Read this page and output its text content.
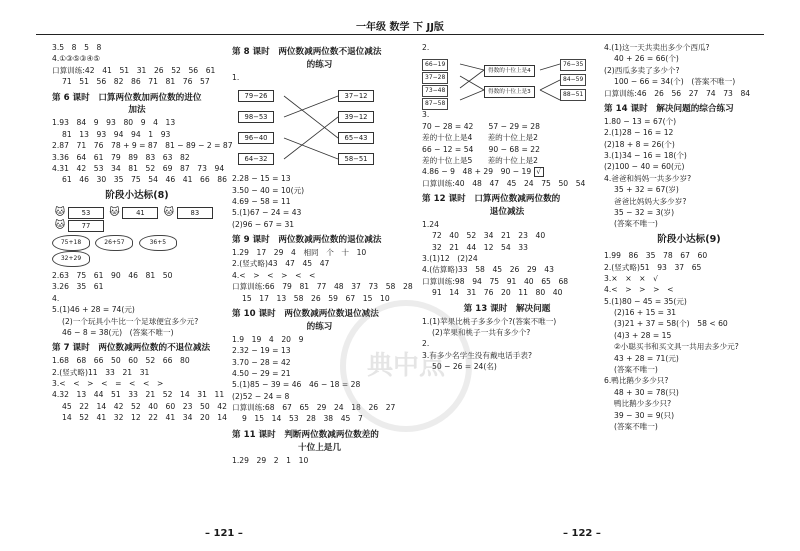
一年级 数学 下 JJ版
3.5　8　5　8
4.①③⑤③④⑤
口算训练:42　41　51　31　26　52　56　61
71　51　56　82　86　71　81　76　57
第 6 课时　口算两位数加两位数的进位
加法
1.93　84　9　93　80　9　4　13
81　13　93　94　94　1　93
2.87　71　76　78 + 9 = 87　81 − 89 − 2 = 87
3.36　64　61　79　89　83　63　82
4.31　42　53　34　81　52　69　87　73　94
61　46　30　35　75　54　46　41　66　86
阶段小达标(8)
🐱 53 🐱 41 🐱 83 🐱 77
75+18	26+57	36+5 32+29
2.63　75　61　90　46　81　50
3.26　35　61
4.
5.(1)46 + 28 = 74(元)
(2)一个玩具小牛比一个足球便宜多少元?
46 − 8 = 38(元)　(答案不唯一)
第 7 课时　两位数减两位数的不退位减法
1.68　68　66　50　60　52　66　80
2.(竖式略)11　33　21　31
3.<　<　>　<　=　<　<　>
4.32　13　44　51　33　21　52　14　31　11
45　22　14　42　52　40　60　23　50　42
14　52　41　32　12　22　41　34　20　14
第 8 课时　两位数减两位数不退位减法
的练习
1.
79−26
98−53
96−40
64−32
37−12
39−12
65−43
58−51
2.28 − 15 = 13
3.50 − 40 = 10(元)
4.69 − 58 = 11
5.(1)67 − 24 = 43
(2)96 − 67 = 31
第 9 课时　两位数减两位数的退位减法
1.29　17　29　4　相同　个　十　10
2.(竖式略)43　47　45　47
4.<　>　<　>　<　<
口算训练:66　79　81　77　48　37　73　58　28
15　17　13　58　26　59　67　15　10
第 10 课时　两位数减两位数退位减法
的练习
1.9　19　4　20　9
2.32 − 19 = 13
3.70 − 28 = 42
4.50 − 29 = 21
5.(1)85 − 39 = 46　46 − 18 = 28
(2)52 − 24 = 8
口算训练:68　67　65　29　24　18　26　27
9　15　14　53　28　38　45　7
第 11 课时　判断两位数减两位数差的
十位上是几
1.29　29　2　1　10
2.
66−19
37−28
73−48
87−58
得数的十位上是4
得数的十位上是3
76−35
84−59
88−51
3.
70 − 28 = 42　　57 − 29 = 28
差的十位上是4　　差的十位上是2
66 − 12 = 54　　90 − 68 = 22
差的十位上是5　　差的十位上是2
4.86 − 9　48 + 29　90 − 19 √
口算训练:40　48　47　45　24　75　50　54
第 12 课时　口算两位数减两位数的
退位减法
1.24
72　40　52　34　21　23　40
32　21　44　12　54　33
3.(1)12　(2)24
4.(估算略)33　58　45　26　29　43
口算训练:98　94　75　91　40　65　68
91　14　31　76　20　11　80　40
第 13 课时　解决问题
1.(1)苹果比桃子多多少个?(答案不唯一)
(2)苹果和桃子一共有多少个?
2.
3.有多少名学生没有戴电话手表?
50 − 26 = 24(名)
4.(1)这一天共卖出多少个西瓜?
40 + 26 = 66(个)
(2)西瓜多卖了多少个?
100 − 66 = 34(个)　(答案不唯一)
口算训练:46　26　56　27　74　73　84
第 14 课时　解决问题的综合练习
1.80 − 13 = 67(个)
2.(1)28 − 16 = 12
(2)18 + 8 = 26(个)
3.(1)34 − 16 = 18(个)
(2)100 − 40 = 60(元)
4.爸爸和妈妈一共多少岁?
35 + 32 = 67(岁)
爸爸比妈妈大多少岁?
35 − 32 = 3(岁)
(答案不唯一)
阶段小达标(9)
1.99　86　35　78　67　60
2.(竖式略)51　93　37　65
3.×　×　×　√
4.<　>　>　>　<
5.(1)80 − 45 = 35(元)
(2)16 + 15 = 31
(3)21 + 37 = 58(个)　58 < 60
(4)3 + 28 = 15
②小聪买书和买文具一共用去多少元?
43 + 28 = 71(元)
(答案不唯一)
6.鸭比鹅少多少只?
48 + 30 = 78(只)
鸭比鹅少多少只?
39 − 30 = 9(只)
(答案不唯一)
典中点
– 121 –	– 122 –
